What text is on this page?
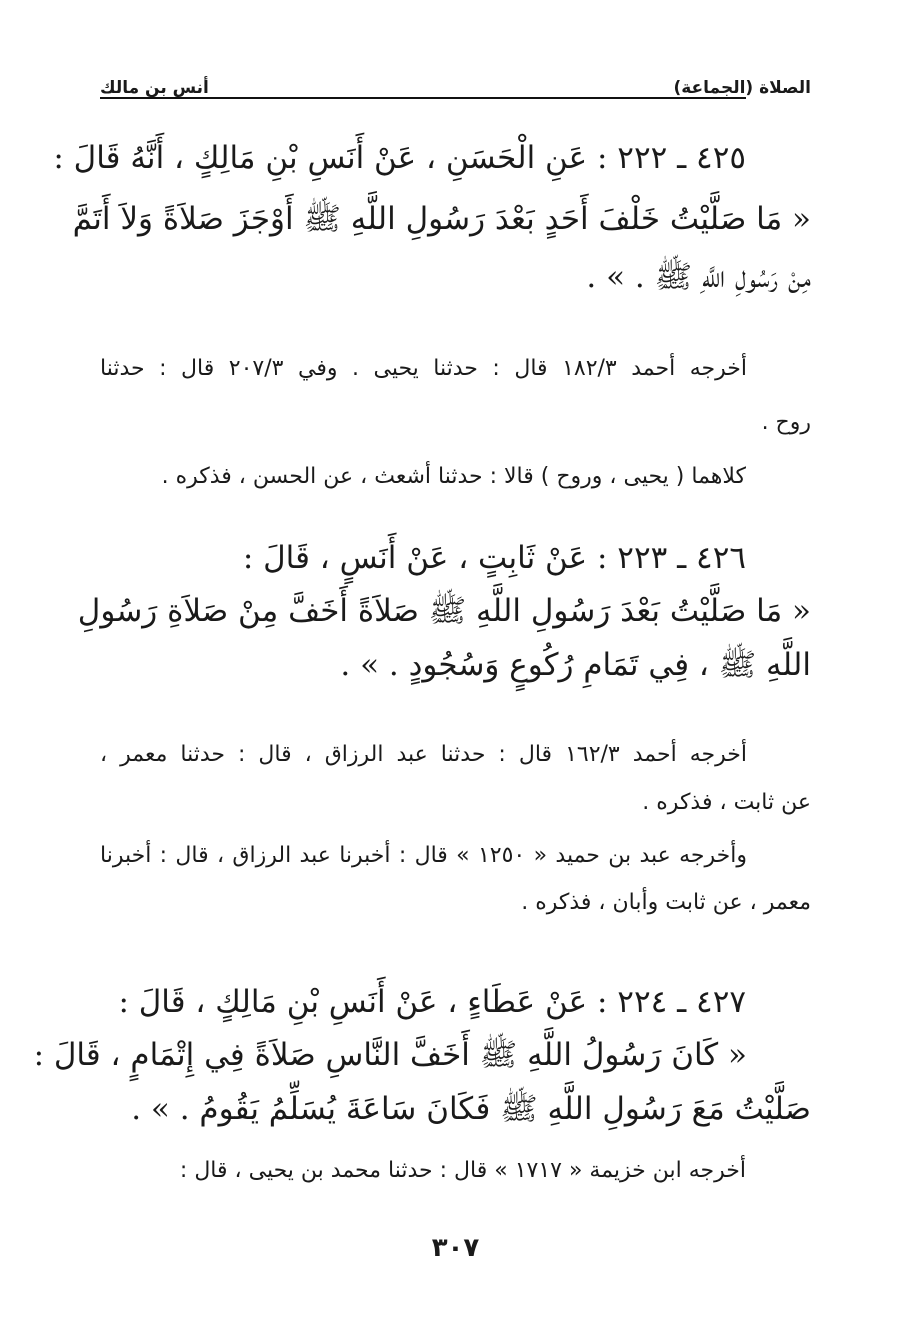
الصلاة (الجماعة)
أنس بن مالك
٤٢٥ ـ ٢٢٢ : عَنِ الْحَسَنِ ، عَنْ أَنَسِ بْنِ مَالِكٍ ، أَنَّهُ قَالَ :
« مَا صَلَّيْتُ خَلْفَ أَحَدٍ بَعْدَ رَسُولِ اللَّهِ ﷺ أَوْجَزَ صَلاَةً وَلاَ أَتَمَّ
مِنْ رَسُولِ اللَّهِ ﷺ . » .
أخرجه أحمد ١٨٢/٣ قال : حدثنا يحيى . وفي ٢٠٧/٣ قال : حدثنا
روح .
كلاهما ( يحيى ، وروح ) قالا : حدثنا أشعث ، عن الحسن ، فذكره .
٤٢٦ ـ ٢٢٣ : عَنْ ثَابِتٍ ، عَنْ أَنَسٍ ، قَالَ :
« مَا صَلَّيْتُ بَعْدَ رَسُولِ اللَّهِ ﷺ صَلاَةً أَخَفَّ مِنْ صَلاَةِ رَسُولِ
اللَّهِ ﷺ ، فِي تَمَامِ رُكُوعٍ وَسُجُودٍ . » .
أخرجه أحمد ١٦٢/٣ قال : حدثنا عبد الرزاق ، قال : حدثنا معمر ،
عن ثابت ، فذكره .
وأخرجه عبد بن حميد « ١٢٥٠ » قال : أخبرنا عبد الرزاق ، قال : أخبرنا
معمر ، عن ثابت وأبان ، فذكره .
٤٢٧ ـ ٢٢٤ : عَنْ عَطَاءٍ ، عَنْ أَنَسِ بْنِ مَالِكٍ ، قَالَ :
« كَانَ رَسُولُ اللَّهِ ﷺ أَخَفَّ النَّاسِ صَلاَةً فِي إِتْمَامٍ ، قَالَ :
صَلَّيْتُ مَعَ رَسُولِ اللَّهِ ﷺ فَكَانَ سَاعَةَ يُسَلِّمُ يَقُومُ . » .
أخرجه ابن خزيمة « ١٧١٧ » قال : حدثنا محمد بن يحيى ، قال :
٣٠٧
